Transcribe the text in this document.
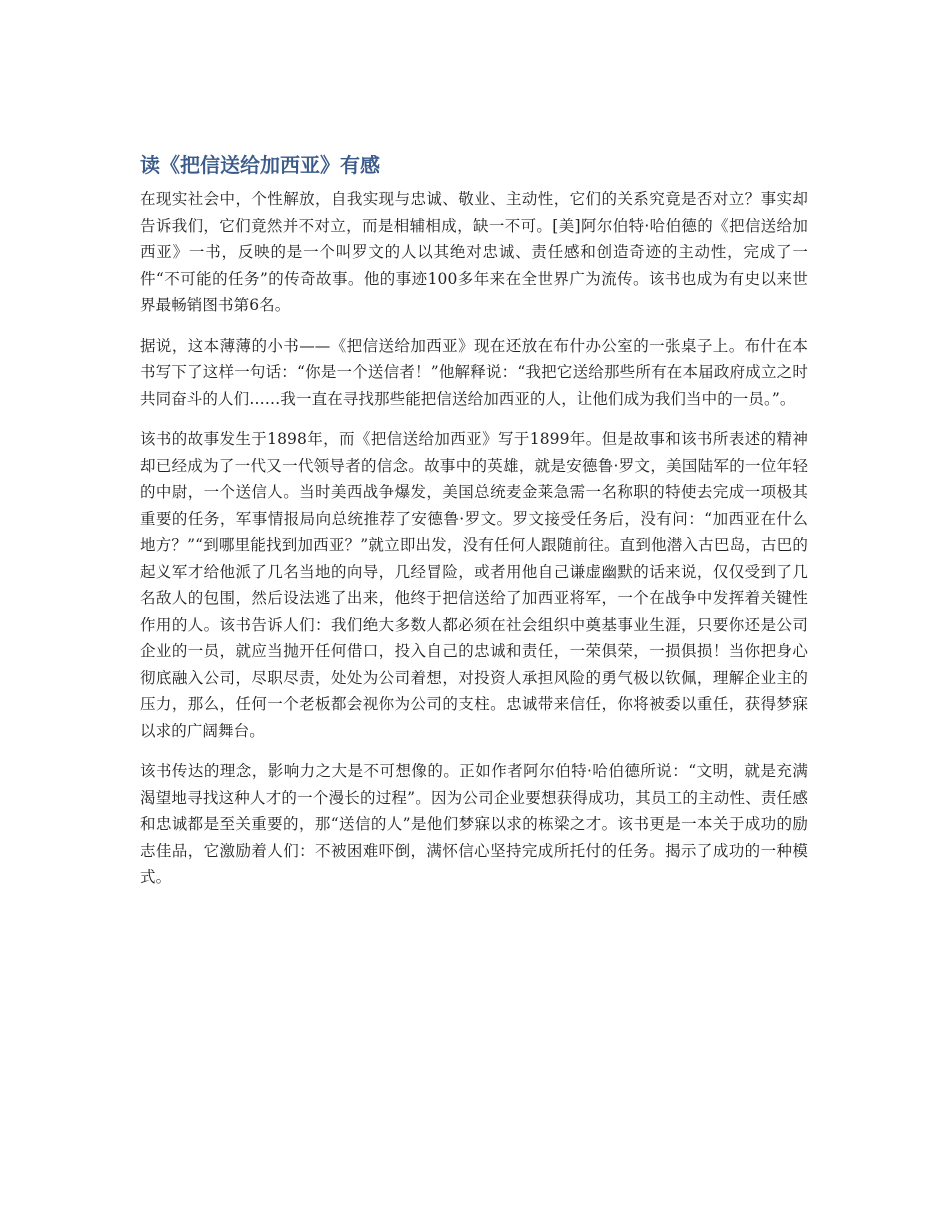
读《把信送给加西亚》有感

在现实社会中，个性解放，自我实现与忠诚、敬业、主动性，它们的关系究竟是否对立？事实却告诉我们，它们竟然并不对立，而是相辅相成，缺一不可。[美]阿尔伯特·哈伯德的《把信送给加西亚》一书，反映的是一个叫罗文的人以其绝对忠诚、责任感和创造奇迹的主动性，完成了一件“不可能的任务”的传奇故事。他的事迹100多年来在全世界广为流传。该书也成为有史以来世界最畅销图书第6名。

据说，这本薄薄的小书——《把信送给加西亚》现在还放在布什办公室的一张桌子上。布什在本书写下了这样一句话：“你是一个送信者！”他解释说：“我把它送给那些所有在本届政府成立之时共同奋斗的人们……我一直在寻找那些能把信送给加西亚的人，让他们成为我们当中的一员。”。

该书的故事发生于1898年，而《把信送给加西亚》写于1899年。但是故事和该书所表述的精神却已经成为了一代又一代领导者的信念。故事中的英雄，就是安德鲁·罗文，美国陆军的一位年轻的中尉，一个送信人。当时美西战争爆发，美国总统麦金莱急需一名称职的特使去完成一项极其重要的任务，军事情报局向总统推荐了安德鲁·罗文。罗文接受任务后，没有问：“加西亚在什么地方？”“到哪里能找到加西亚？”就立即出发，没有任何人跟随前往。直到他潜入古巴岛，古巴的起义军才给他派了几名当地的向导，几经冒险，或者用他自己谦虚幽默的话来说，仅仅受到了几名敌人的包围，然后设法逃了出来，他终于把信送给了加西亚将军，一个在战争中发挥着关键性作用的人。该书告诉人们：我们绝大多数人都必须在社会组织中奠基事业生涯，只要你还是公司企业的一员，就应当抛开任何借口，投入自己的忠诚和责任，一荣俱荣，一损俱损！当你把身心彻底融入公司，尽职尽责，处处为公司着想，对投资人承担风险的勇气极以钦佩，理解企业主的压力，那么，任何一个老板都会视你为公司的支柱。忠诚带来信任，你将被委以重任，获得梦寐以求的广阔舞台。

该书传达的理念，影响力之大是不可想像的。正如作者阿尔伯特·哈伯德所说：“文明，就是充满渴望地寻找这种人才的一个漫长的过程”。因为公司企业要想获得成功，其员工的主动性、责任感和忠诚都是至关重要的，那“送信的人”是他们梦寐以求的栋梁之才。该书更是一本关于成功的励志佳品，它激励着人们：不被困难吓倒，满怀信心坚持完成所托付的任务。揭示了成功的一种模式。
